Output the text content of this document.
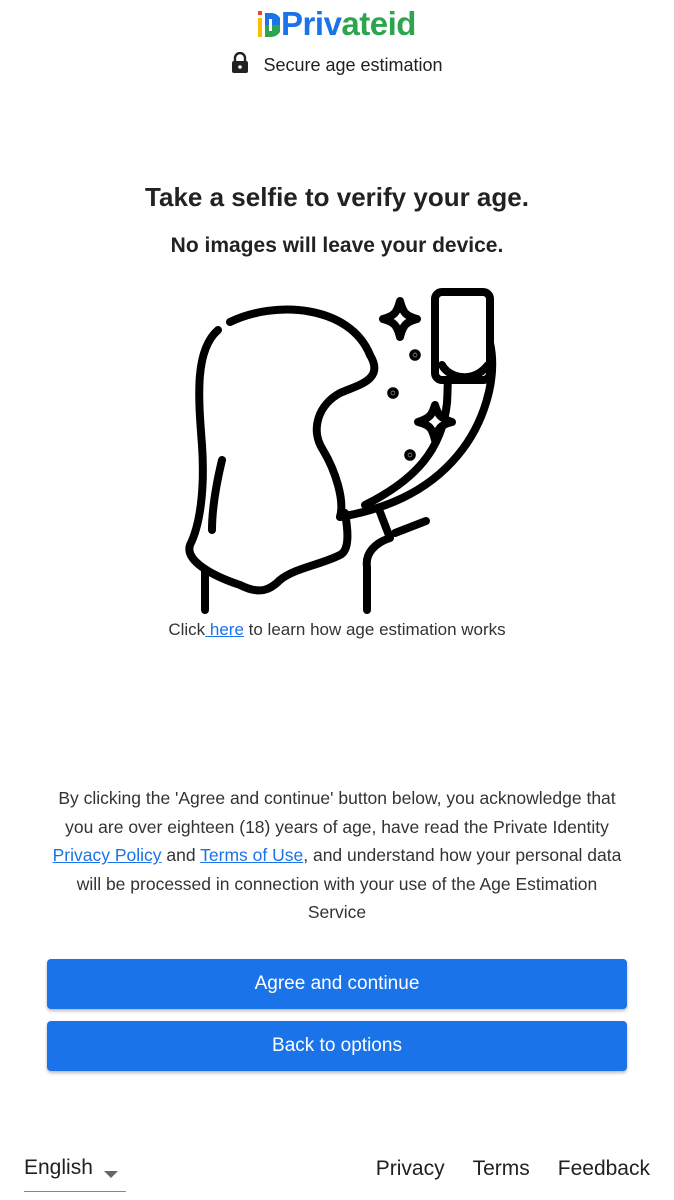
Privateid
Secure age estimation
Take a selfie to verify your age.
No images will leave your device.
Click here to learn how age estimation works
By clicking the 'Agree and continue' button below, you acknowledge that you are over eighteen (18) years of age, have read the Private Identity Privacy Policy and Terms of Use, and understand how your personal data will be processed in connection with your use of the Age Estimation Service
Agree and continue
Back to options
English	Privacy Terms Feedback
